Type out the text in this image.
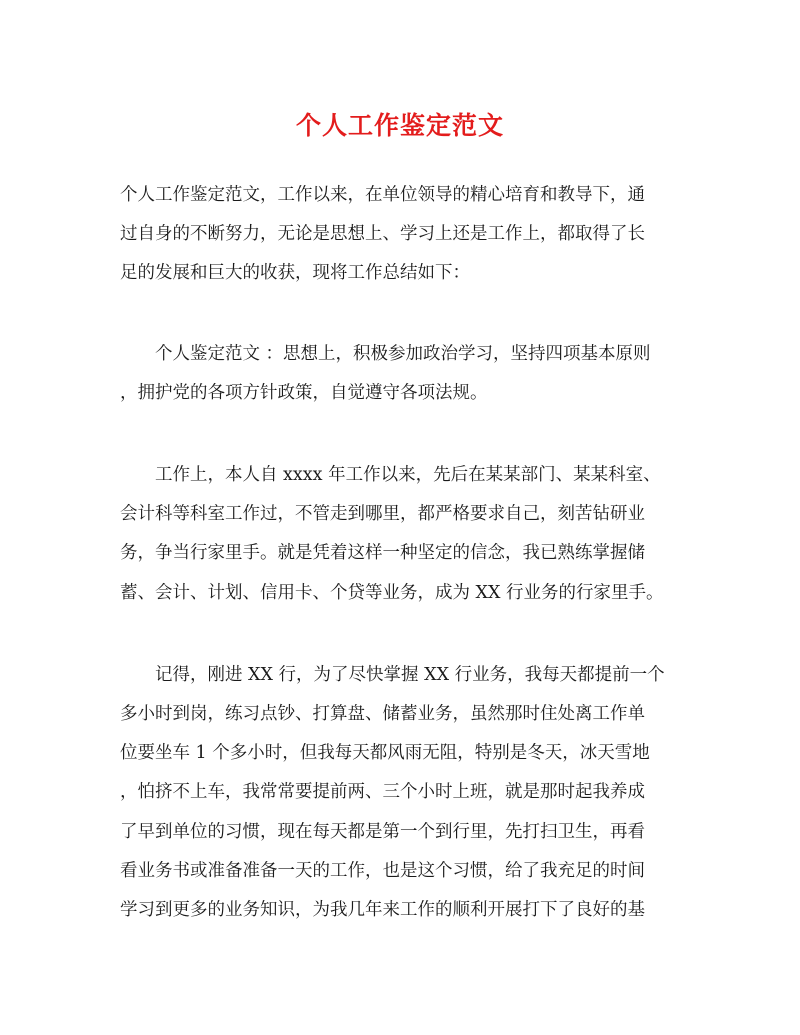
个人工作鉴定范文
个人工作鉴定范文，工作以来，在单位领导的精心培育和教导下，通
过自身的不断努力，无论是思想上、学习上还是工作上，都取得了长
足的发展和巨大的收获，现将工作总结如下：
个人鉴定范文 ：思想上，积极参加政治学习，坚持四项基本原则
，拥护党的各项方针政策，自觉遵守各项法规。
工作上，本人自 xxxx 年工作以来，先后在某某部门、某某科室、
会计科等科室工作过，不管走到哪里，都严格要求自己，刻苦钻研业
务，争当行家里手。就是凭着这样一种坚定的信念，我已熟练掌握储
蓄、会计、计划、信用卡、个贷等业务，成为 XX 行业务的行家里手。
记得，刚进 XX 行，为了尽快掌握 XX 行业务，我每天都提前一个
多小时到岗，练习点钞、打算盘、储蓄业务，虽然那时住处离工作单
位要坐车 1 个多小时，但我每天都风雨无阻，特别是冬天，冰天雪地
，怕挤不上车，我常常要提前两、三个小时上班，就是那时起我养成
了早到单位的习惯，现在每天都是第一个到行里，先打扫卫生，再看
看业务书或准备准备一天的工作，也是这个习惯，给了我充足的时间
学习到更多的业务知识，为我几年来工作的顺利开展打下了良好的基
